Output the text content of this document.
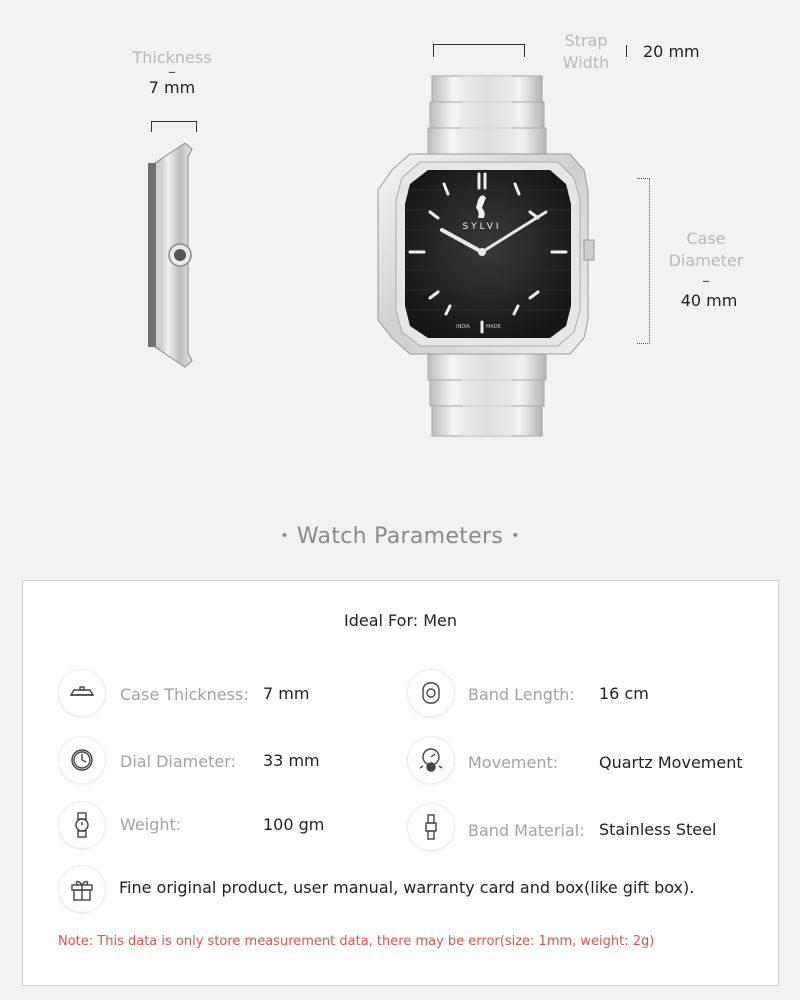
Thickness
–
7 mm
Strap
Width
20 mm
SYLVI
INDIA	MADE
Case
Diameter
–
40 mm
• Watch Parameters •
Ideal For: Men
Case Thickness: 7 mm	Band Length: 16 cm
Dial Diameter: 33 mm	Movement:	Quartz Movement
Weight:	100 gm	Band Material: Stainless Steel
Fine original product, user manual, warranty card and box(like gift box).
Note: This data is only store measurement data, there may be error(size: 1mm, weight: 2g)
